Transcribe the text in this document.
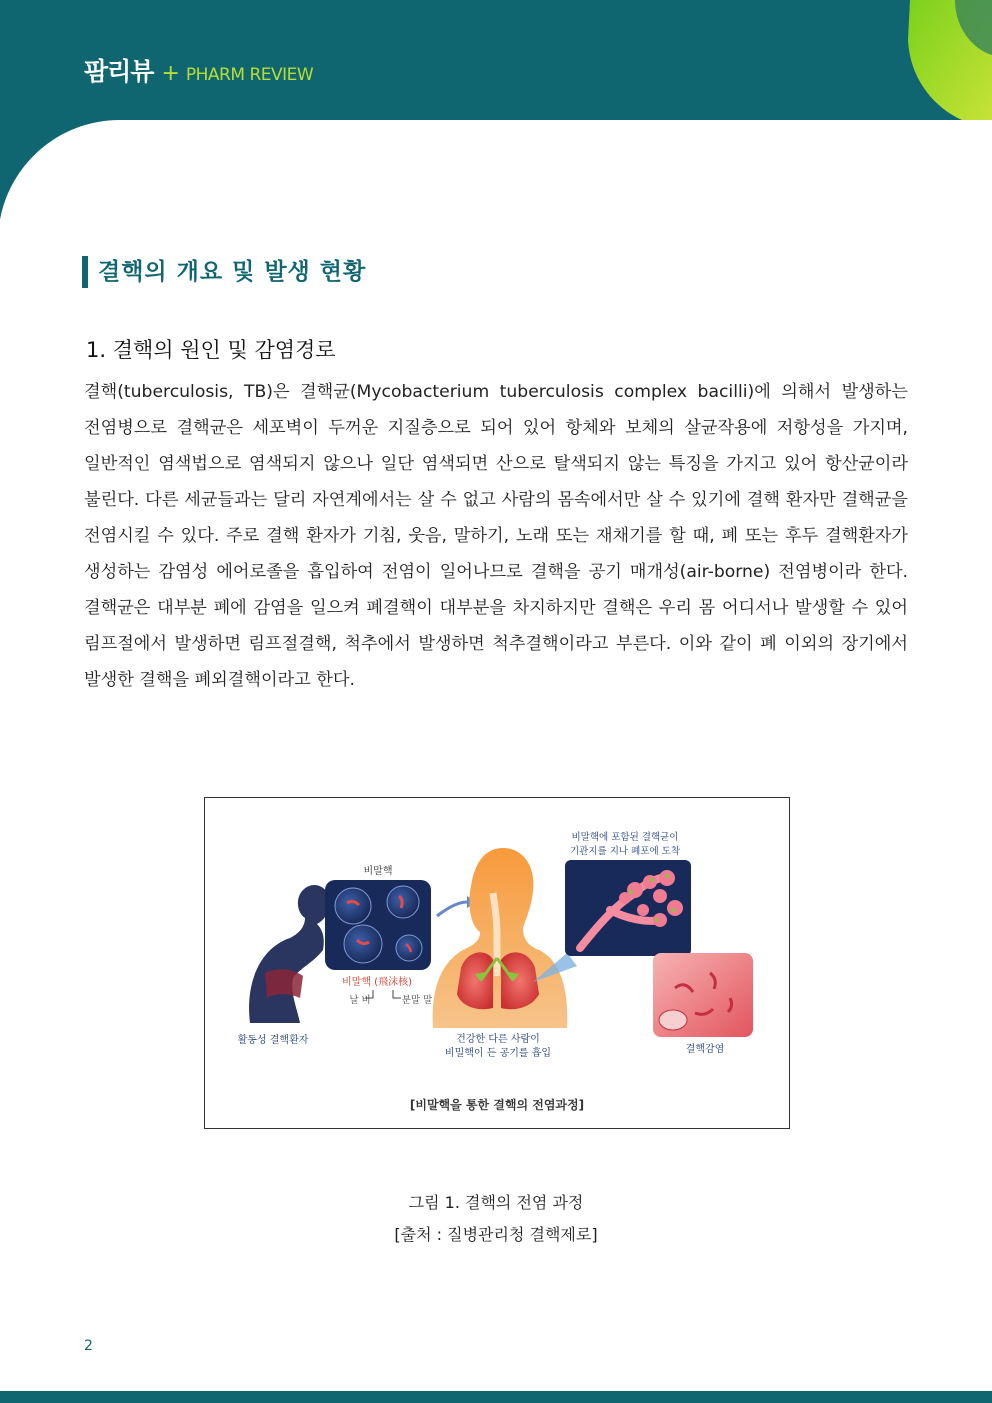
팜리뷰 + PHARM REVIEW
결핵의 개요 및 발생 현황
1. 결핵의 원인 및 감염경로

결핵(tuberculosis, TB)은 결핵균(Mycobacterium tuberculosis complex bacilli)에 의해서 발생하는 전염병으로 결핵균은 세포벽이 두꺼운 지질층으로 되어 있어 항체와 보체의 살균작용에 저항성을 가지며, 일반적인 염색법으로 염색되지 않으나 일단 염색되면 산으로 탈색되지 않는 특징을 가지고 있어 항산균이라 불린다. 다른 세균들과는 달리 자연계에서는 살 수 없고 사람의 몸속에서만 살 수 있기에 결핵 환자만 결핵균을 전염시킬 수 있다. 주로 결핵 환자가 기침, 웃음, 말하기, 노래 또는 재채기를 할 때, 폐 또는 후두 결핵환자가 생성하는 감염성 에어로졸을 흡입하여 전염이 일어나므로 결핵을 공기 매개성(air-borne) 전염병이라 한다. 결핵균은 대부분 폐에 감염을 일으켜 폐결핵이 대부분을 차지하지만 결핵은 우리 몸 어디서나 발생할 수 있어 림프절에서 발생하면 림프절결핵, 척추에서 발생하면 척추결핵이라고 부른다. 이와 같이 폐 이외의 장기에서 발생한 결핵을 폐외결핵이라고 한다.

비말핵
비말핵 (飛沫核)
날 비	분말 말
활동성 결핵환자	건강한 다른 사람이
비밀핵이 든 공기를 흡입
비말핵에 포함된 결핵균이
기관지를 지나 폐포에 도착
결핵감염
[비말핵을 통한 결핵의 전염과정]
그림 1. 결핵의 전염 과정
[출처 : 질병관리청 결핵제로]
2
